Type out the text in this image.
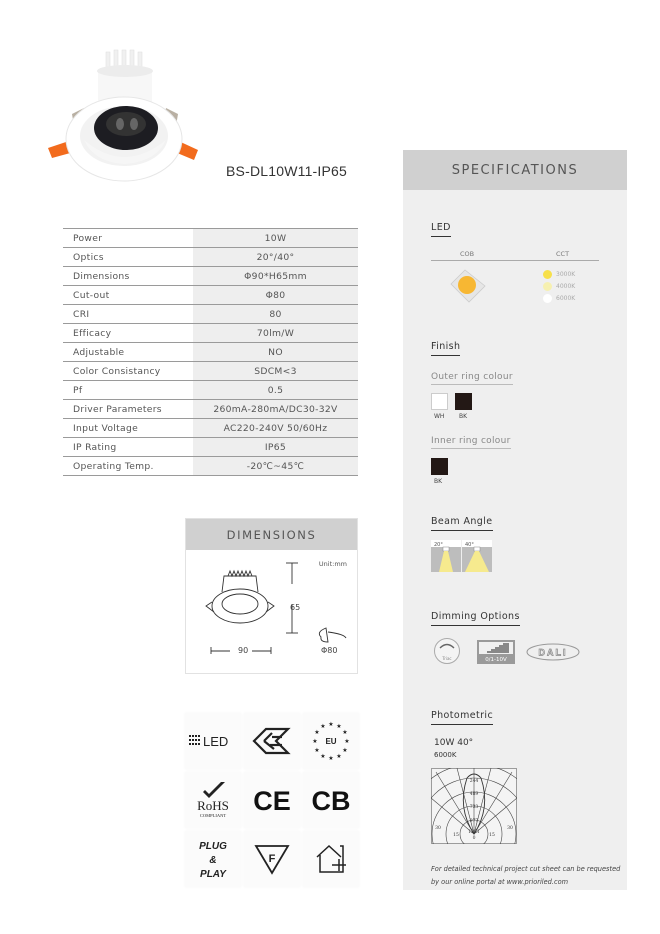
BS-DL10W11-IP65
Power	10W
Optics	20°/40°
Dimensions	Φ90*H65mm
Cut-out	Φ80
CRI	80
Efficacy	70lm/W
Adjustable	NO
Color Consistancy	SDCM<3
Pf	0.5
Driver Parameters	260mA-280mA/DC30-32V
Input Voltage	AC220-240V 50/60Hz
IP Rating	IP65
Operating Temp.	-20℃~45℃
DIMENSIONS
Unit:mm
65
90	Φ80
LED
★ ★
★
★
★
★
★
★
★
★
★
★
EU
RoHS
COMPLIANT CE CB
PLUG
&
PLAY
F
SPECIFICATIONS
LED
COB	CCT
3000K
4000K
6000K
Finish
Outer ring colour
WH BK
Inner ring colour
BK
Beam Angle
20°	40°
Dimming Options
Triac	0/1-10V
DALI
Photometric
10W 40°
6000K
244
489
733
977
1221
30
15
0
15
30
For detailed technical project cut sheet can be requested by our online portal at www.prioriled.com
